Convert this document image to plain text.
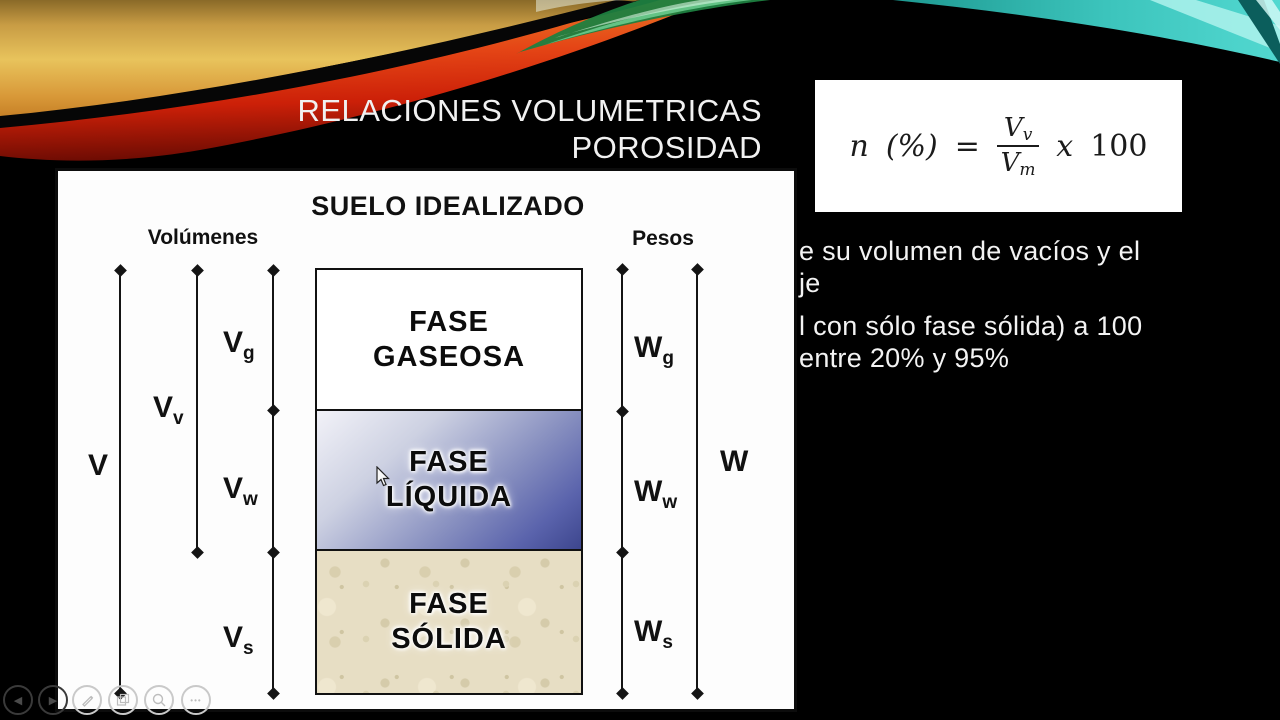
RELACIONES VOLUMETRICAS
POROSIDAD	n (%) = $\frac{V_v}{V_m}$ x 100
e su volumen de vacíos y el
je
l con sólo fase sólida) a 100
entre 20% y 95%
SUELO IDEALIZADO
Volúmenes	Pesos
V
$V_v$
$V_g$
$V_w$
$V_s$
$W_g$
$W_w$
$W_s$
W
FASE
GASEOSA
FASE
LÍQUIDA
FASE
SÓLIDA
◀ ▶	•••
